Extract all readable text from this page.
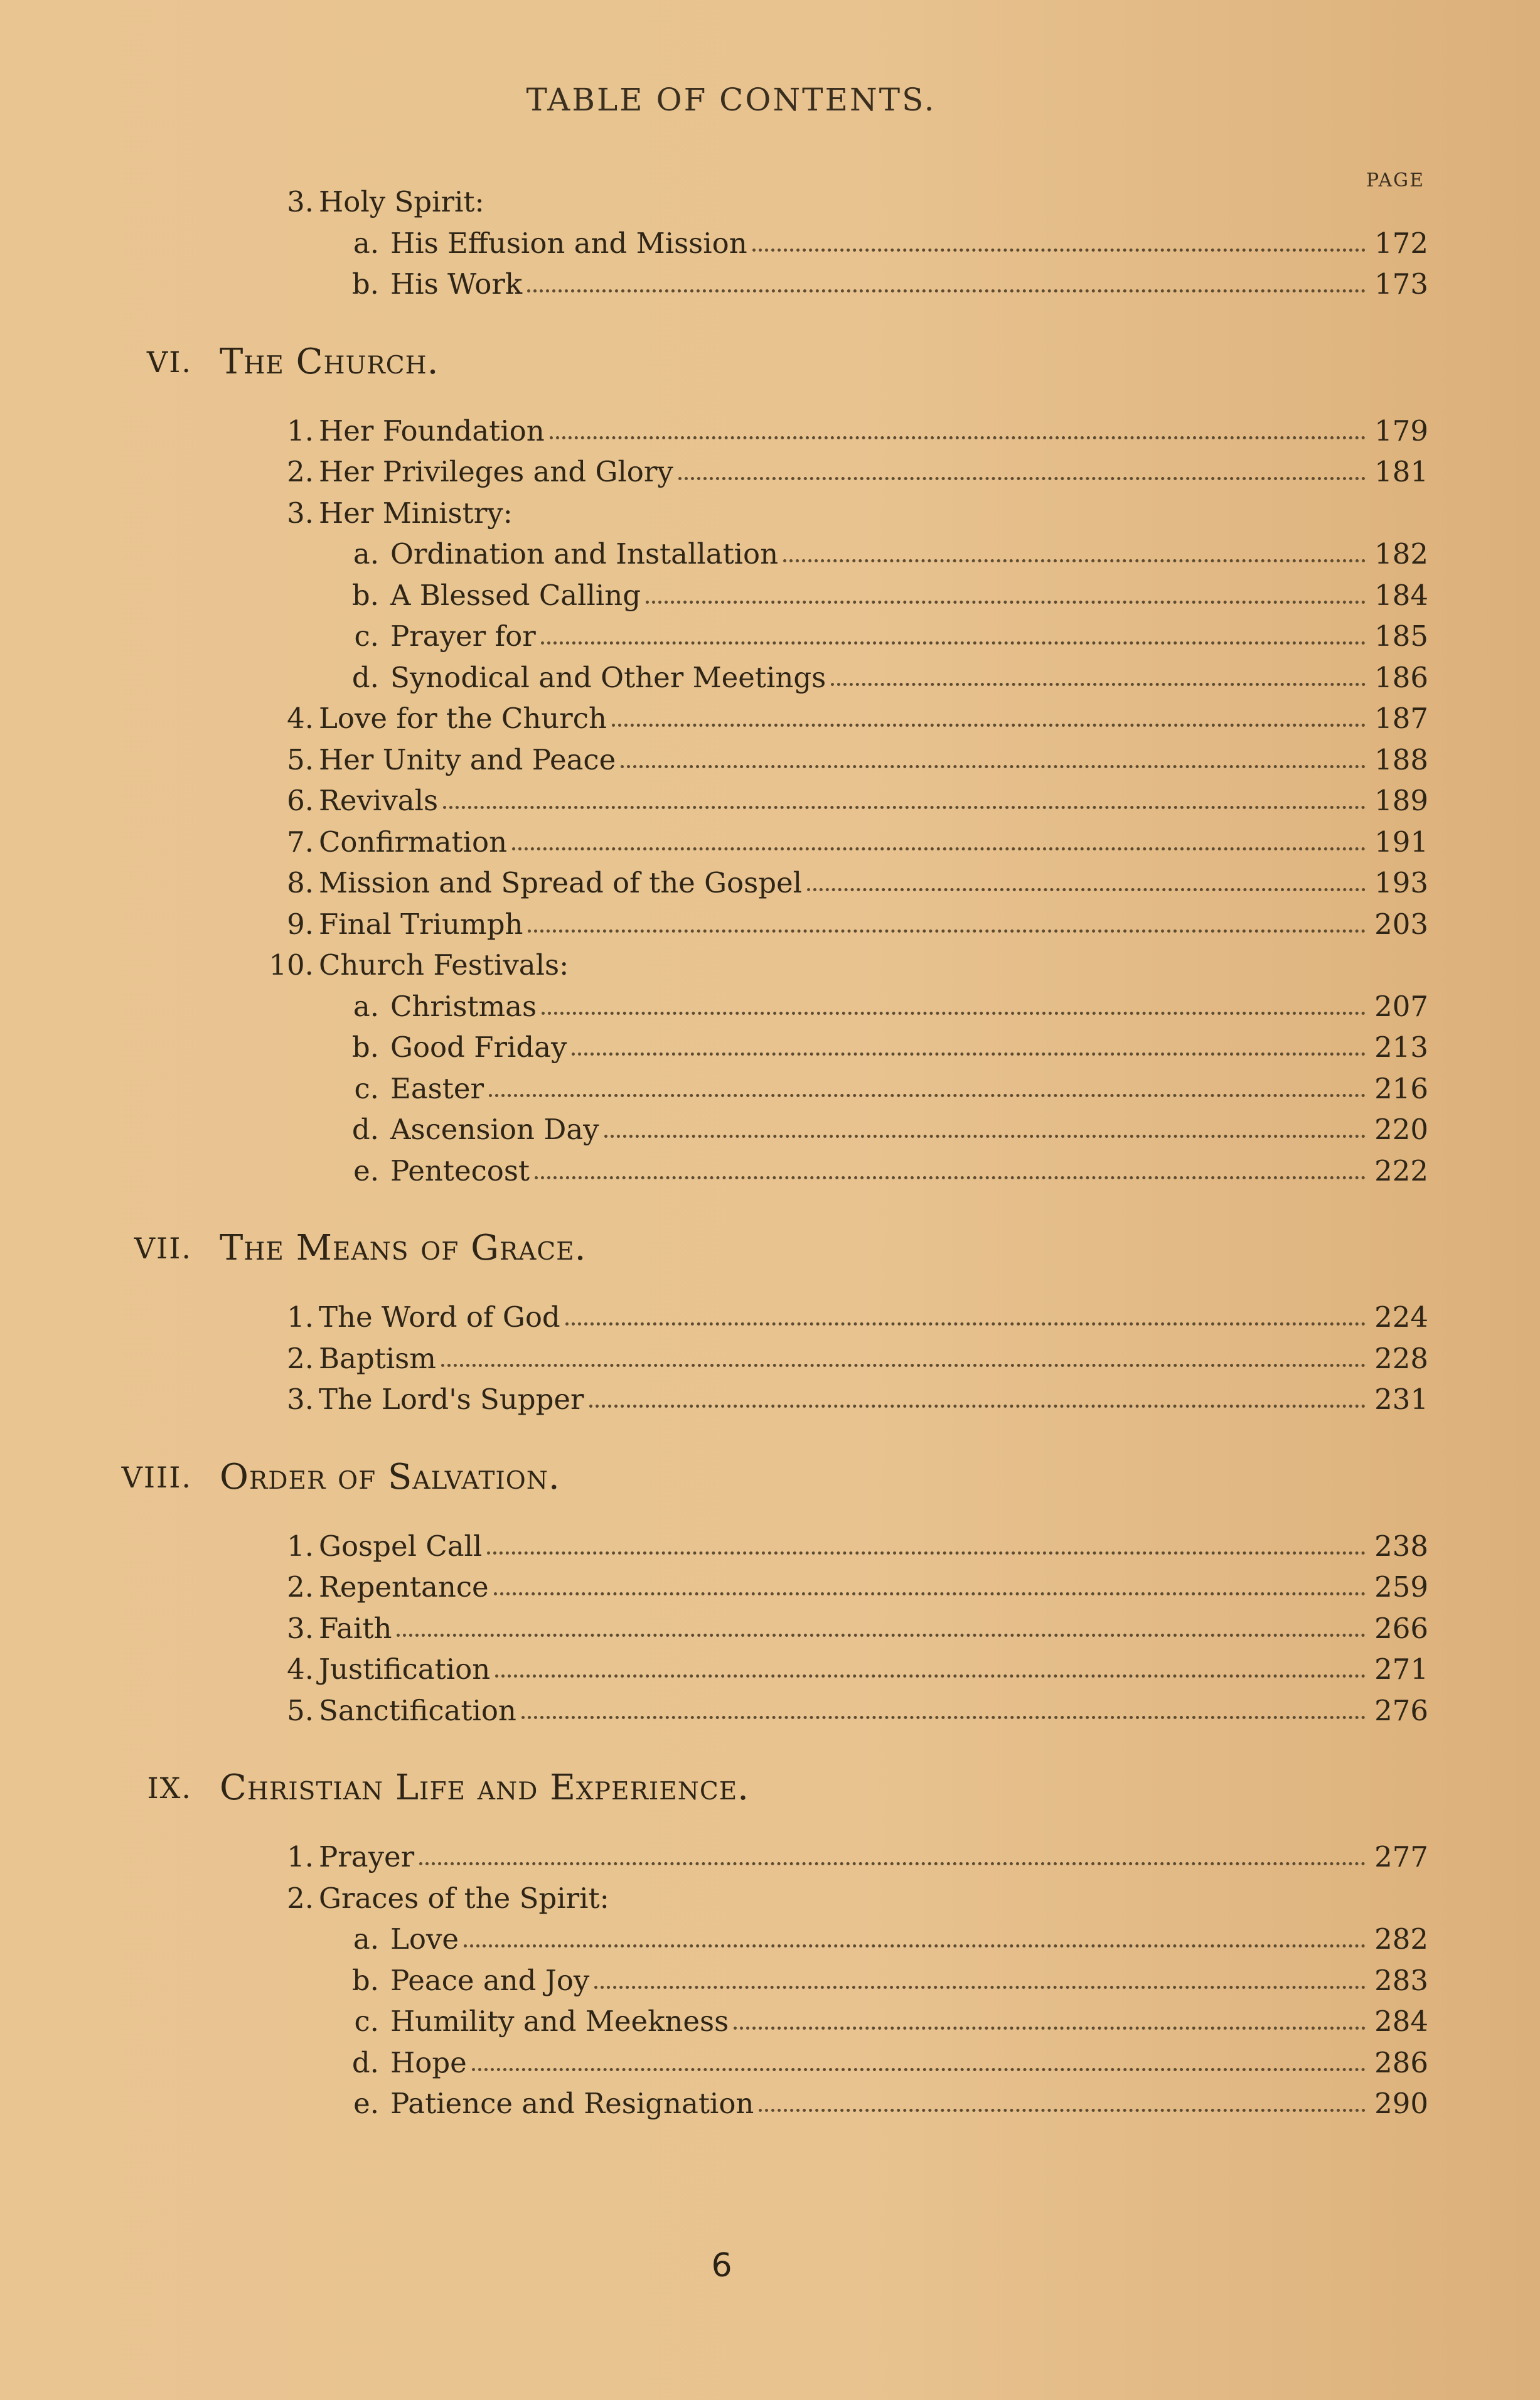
TABLE OF CONTENTS.
PAGE
3. Holy Spirit:
a. His Effusion and Mission	172
b. His Work	173
VI. The Church.
1. Her Foundation	179
2. Her Privileges and Glory	181
3. Her Ministry:
a. Ordination and Installation	182
b. A Blessed Calling	184
c. Prayer for	185
d. Synodical and Other Meetings	186
4. Love for the Church	187
5. Her Unity and Peace	188
6. Revivals	189
7. Confirmation	191
8. Mission and Spread of the Gospel	193
9. Final Triumph	203
10. Church Festivals:
a. Christmas	207
b. Good Friday	213
c. Easter	216
d. Ascension Day	220
e. Pentecost	222
VII. The Means of Grace.
1. The Word of God	224
2. Baptism	228
3. The Lord's Supper	231
VIII. Order of Salvation.
1. Gospel Call	238
2. Repentance	259
3. Faith	266
4. Justification	271
5. Sanctification	276
IX. Christian Life and Experience.
1. Prayer	277
2. Graces of the Spirit:
a. Love	282
b. Peace and Joy	283
c. Humility and Meekness	284
d. Hope	286
e. Patience and Resignation	290
6
